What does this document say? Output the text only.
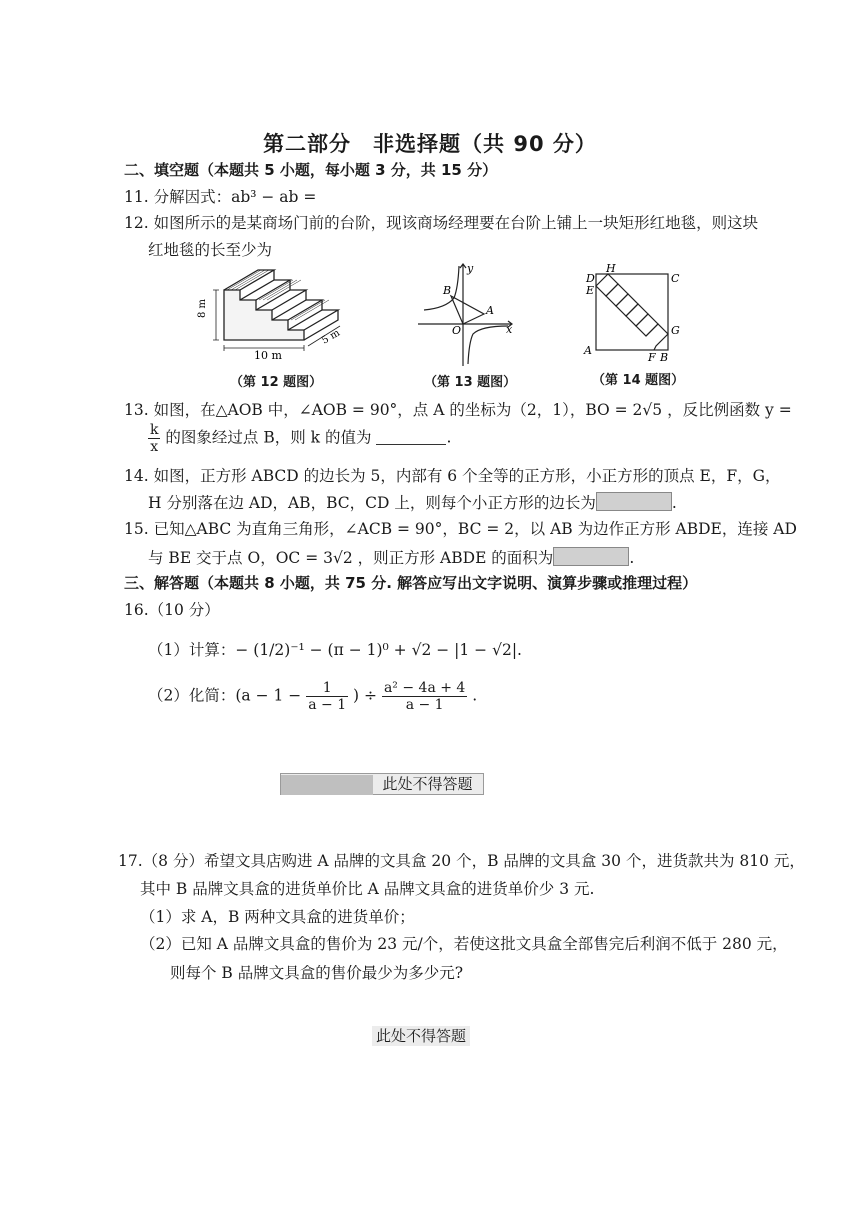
第二部分　非选择题（共 90 分）
二、填空题（本题共 5 小题，每小题 3 分，共 15 分）
11. 分解因式：ab³ − ab =
12. 如图所示的是某商场门前的台阶，现该商场经理要在台阶上铺上一块矩形红地毯，则这块
红地毯的长至少为
8 m
10 m
5 m
（第 12 题图）
y
B
A
O	x
（第 13 题图）
D
H
C
E
G
A
F B
（第 14 题图）
13. 如图，在△AOB 中，∠AOB = 90°，点 A 的坐标为（2，1），BO = 2√5 ，反比例函数 y =
$\frac{k}{x}$ 的图象经过点 B，则 k 的值为	.
14. 如图，正方形 ABCD 的边长为 5，内部有 6 个全等的正方形，小正方形的顶点 E，F，G，
H 分别落在边 AD，AB，BC，CD 上，则每个小正方形的边长为	.
15. 已知△ABC 为直角三角形，∠ACB = 90°，BC = 2，以 AB 为边作正方形 ABDE，连接 AD
与 BE 交于点 O，OC = 3√2 ，则正方形 ABDE 的面积为	.
三、解答题（本题共 8 小题，共 75 分. 解答应写出文字说明、演算步骤或推理过程）
16.（10 分）
（1）计算：− (1/2)⁻¹ − (π − 1)⁰ + √2 − |1 − √2|.
（2）化简：($a - 1 - \frac{1}{a - 1}$ ) ÷ $\frac{\text{a² − 4a + 4}}{a - 1}$ .
此处不得答题
17.（8 分）希望文具店购进 A 品牌的文具盒 20 个，B 品牌的文具盒 30 个，进货款共为 810 元，
其中 B 品牌文具盒的进货单价比 A 品牌文具盒的进货单价少 3 元.
（1）求 A，B 两种文具盒的进货单价；
（2）已知 A 品牌文具盒的售价为 23 元/个，若使这批文具盒全部售完后利润不低于 280 元，
则每个 B 品牌文具盒的售价最少为多少元?
此处不得答题
